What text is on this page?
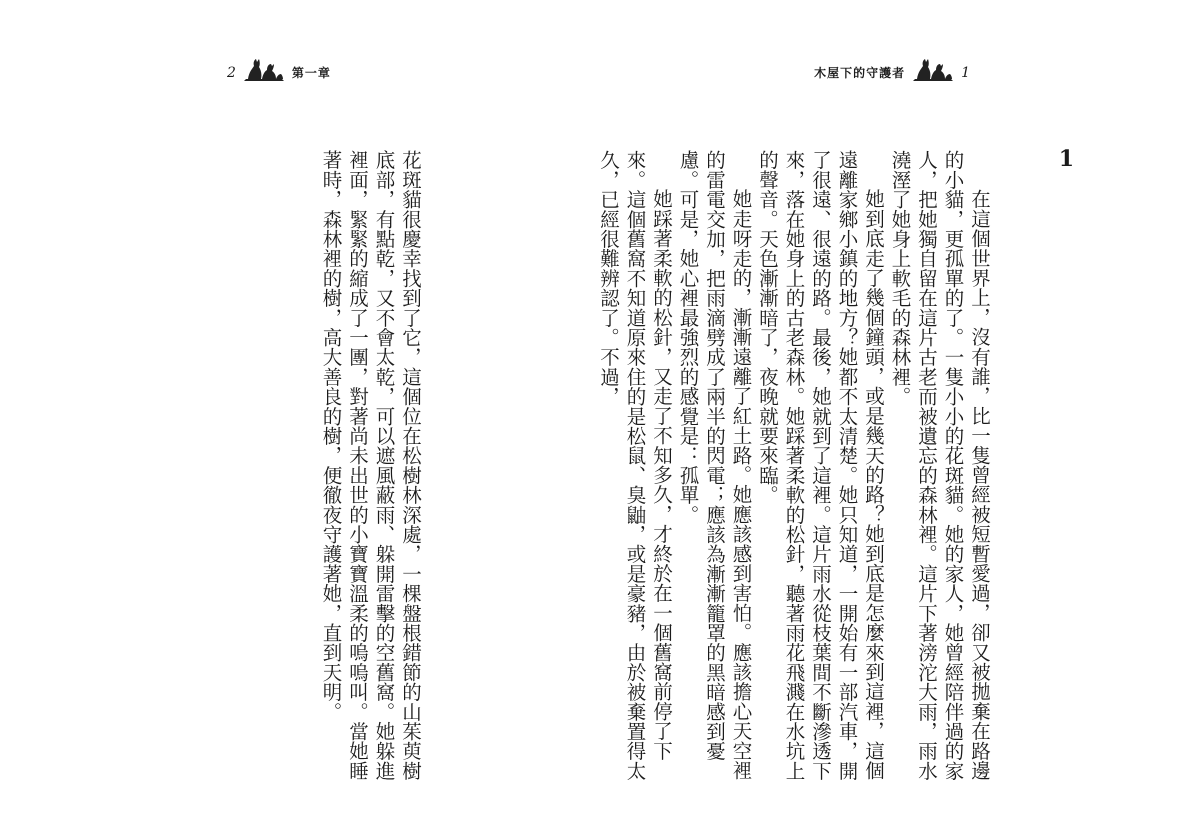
2	第一章

花斑貓很慶幸找到了它，這個位在松樹林深處，一棵盤根錯節的山茱萸樹底部，有點乾，又不會太乾，可以遮風蔽雨、躲開雷擊的空舊窩。她躲進裡面，緊緊的縮成了一團，對著尚未出世的小寶寶溫柔的嗚嗚叫。當她睡著時，森林裡的樹，高大善良的樹，便徹夜守護著她，直到天明。

木屋下的守護者	1
1

在這個世界上，沒有誰，比一隻曾經被短暫愛過，卻又被拋棄在路邊的小貓，更孤單的了。一隻小小的花斑貓。她的家人，她曾經陪伴過的家人，把她獨自留在這片古老而被遺忘的森林裡。這片下著滂沱大雨，雨水澆溼了她身上軟毛的森林裡。

她到底走了幾個鐘頭，或是幾天的路？她到底是怎麼來到這裡，這個遠離家鄉小鎮的地方？她都不太清楚。她只知道，一開始有一部汽車，開了很遠、很遠的路。最後，她就到了這裡。這片雨水從枝葉間不斷滲透下來，落在她身上的古老森林。她踩著柔軟的松針，聽著雨花飛濺在水坑上的聲音。天色漸漸暗了，夜晚就要來臨。

她走呀走的，漸漸遠離了紅土路。她應該感到害怕。應該擔心天空裡的雷電交加，把雨滴劈成了兩半的閃電；應該為漸漸籠罩的黑暗感到憂慮。可是，她心裡最強烈的感覺是：孤單。

她踩著柔軟的松針，又走了不知多久，才終於在一個舊窩前停了下來。這個舊窩不知道原來住的是松鼠、臭鼬，或是豪豬，由於被棄置得太久，已經很難辨認了。不過，
